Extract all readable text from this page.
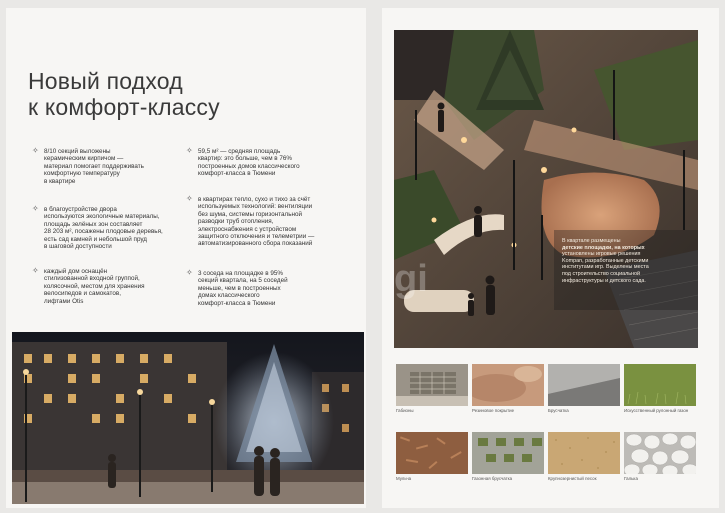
Новый подход
к комфорт-классу
✧ 8/10 секций выложены
керамическим кирпичом —
материал помогает поддерживать
комфортную температуру
в квартире
✧ в благоустройстве двора
используются экологичные материалы,
площадь зелёных зон составляет
28 203 м², посажены плодовые деревья,
есть сад камней и небольшой пруд
в шаговой доступности
✧ каждый дом оснащён
стилизованной входной группой,
колясочной, местом для хранения
велосипедов и самокатов,
лифтами Otis
✧ 59,5 м² — средняя площадь
квартир: это больше, чем в 76%
построенных домов классического
комфорт-класса в Тюмени
✧ в квартирах тепло, сухо и тихо за счёт
используемых технологий: вентиляции
без шума, системы горизонтальной
разводки труб отопления,
электроснабжения с устройством
защитного отключения и телеметрии —
автоматизированного сбора показаний
✧ 3 соседа на площадке в 95%
секций квартала, на 5 соседей
меньше, чем в построенных
домах классического
комфорт-класса в Тюмени
gi
В квартале размещены
детские площадки, на которых
установлены игровые решения
Kompan, разработанные детскими
институтами игр. Выделены места
под строительство социальной
инфраструктуры и детского сада.
Габионы	Резиновое покрытие	Брусчатка	Искусственный рулонный газон
Мульча	Газонная брусчатка	Крупнозернистый песок	Галька
